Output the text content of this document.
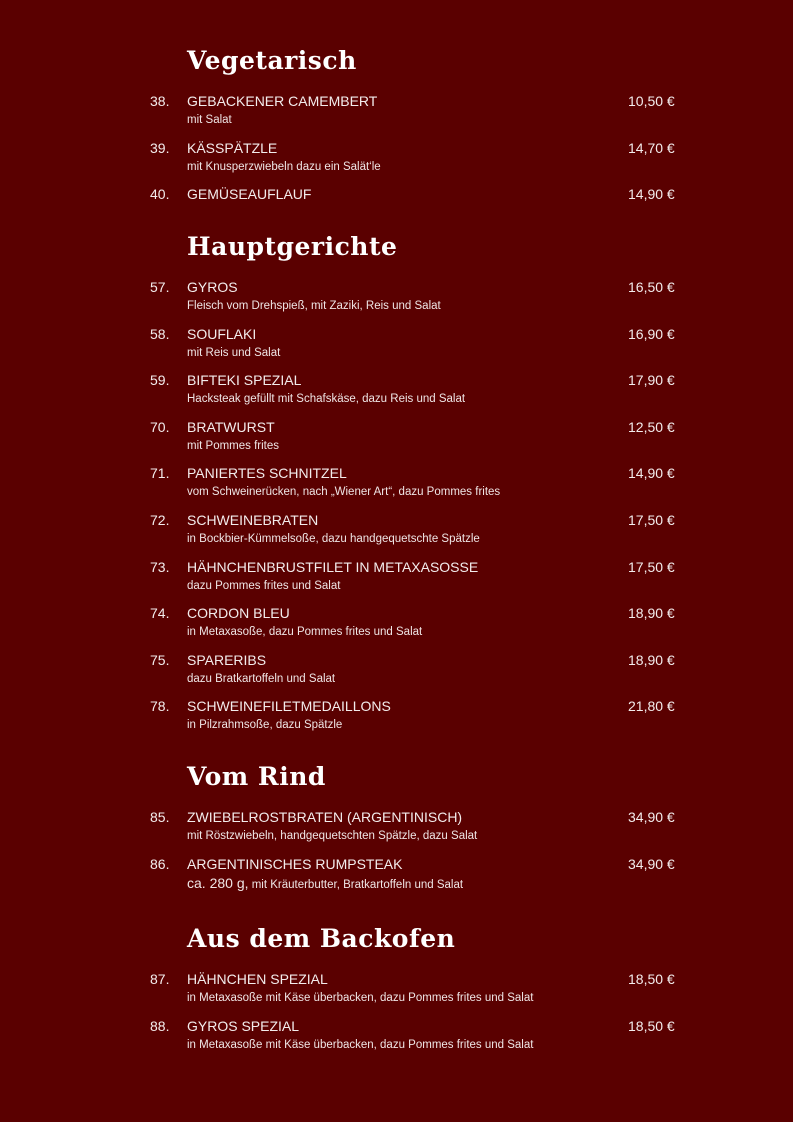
Vegetarisch
38. GEBACKENER CAMEMBERT
mit Salat
10,50 €
39. KÄSSPÄTZLE
mit Knusperzwiebeln dazu ein Salät‘le
14,70 €
40. GEMÜSEAUFLAUF	14,90 €
Hauptgerichte
57. GYROS
Fleisch vom Drehspieß, mit Zaziki, Reis und Salat
16,50 €
58. SOUFLAKI
mit Reis und Salat
16,90 €
59. BIFTEKI SPEZIAL
Hacksteak gefüllt mit Schafskäse, dazu Reis und Salat
17,90 €
70. BRATWURST
mit Pommes frites
12,50 €
71. PANIERTES SCHNITZEL
vom Schweinerücken, nach „Wiener Art“, dazu Pommes frites
14,90 €
72. SCHWEINEBRATEN
in Bockbier-Kümmelsoße, dazu handgequetschte Spätzle
17,50 €
73. HÄHNCHENBRUSTFILET IN METAXASOSSE
dazu Pommes frites und Salat
17,50 €
74. CORDON BLEU
in Metaxasoße, dazu Pommes frites und Salat
18,90 €
75. SPARERIBS
dazu Bratkartoffeln und Salat
18,90 €
78. SCHWEINEFILETMEDAILLONS
in Pilzrahmsoße, dazu Spätzle
21,80 €
Vom Rind
85. ZWIEBELROSTBRATEN (ARGENTINISCH)
mit Röstzwiebeln, handgequetschten Spätzle, dazu Salat
34,90 €
86. ARGENTINISCHES RUMPSTEAK
ca. 280 g, mit Kräuterbutter, Bratkartoffeln und Salat
34,90 €
Aus dem Backofen
87. HÄHNCHEN SPEZIAL
in Metaxasoße mit Käse überbacken, dazu Pommes frites und Salat
18,50 €
88. GYROS SPEZIAL
in Metaxasoße mit Käse überbacken, dazu Pommes frites und Salat
18,50 €
